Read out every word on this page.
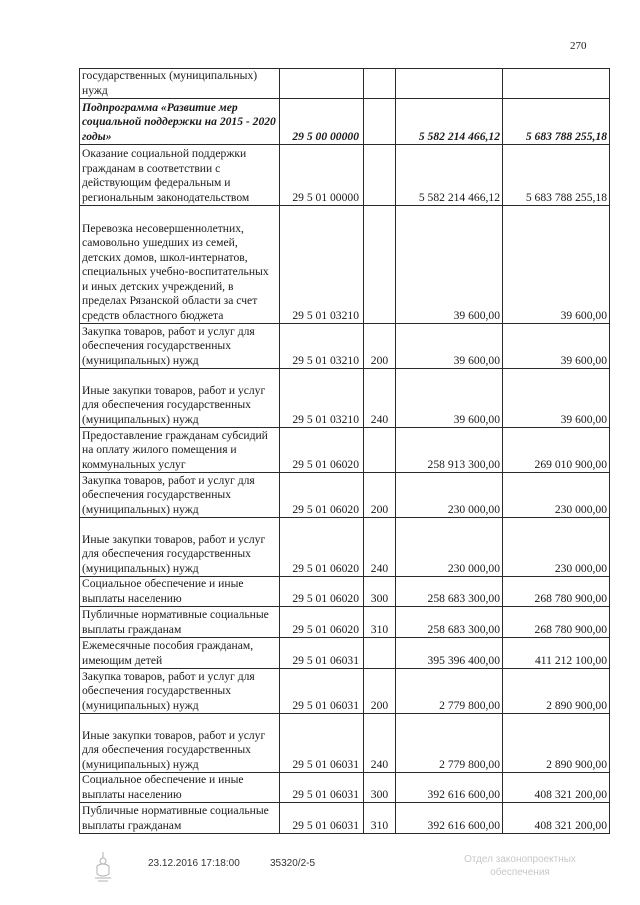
270
государственных (муниципальных) нужд				
Подпрограмма «Развитие мер социальной поддержки на 2015 - 2020 годы»	29 5 00 00000		5 582 214 466,12	5 683 788 255,18
Оказание социальной поддержки гражданам в соответствии с действующим федеральным и региональным законодательством	29 5 01 00000		5 582 214 466,12	5 683 788 255,18
Перевозка несовершеннолетних, самовольно ушедших из семей, детских домов, школ-интернатов, специальных учебно-воспитательных и иных детских учреждений, в пределах Рязанской области за счет средств областного бюджета	29 5 01 03210		39 600,00	39 600,00
Закупка товаров, работ и услуг для обеспечения государственных (муниципальных) нужд	29 5 01 03210	200	39 600,00	39 600,00
Иные закупки товаров, работ и услуг для обеспечения государственных (муниципальных) нужд	29 5 01 03210	240	39 600,00	39 600,00
Предоставление гражданам субсидий на оплату жилого помещения и коммунальных услуг	29 5 01 06020		258 913 300,00	269 010 900,00
Закупка товаров, работ и услуг для обеспечения государственных (муниципальных) нужд	29 5 01 06020	200	230 000,00	230 000,00
Иные закупки товаров, работ и услуг для обеспечения государственных (муниципальных) нужд	29 5 01 06020	240	230 000,00	230 000,00
Социальное обеспечение и иные выплаты населению	29 5 01 06020	300	258 683 300,00	268 780 900,00
Публичные нормативные социальные выплаты гражданам	29 5 01 06020	310	258 683 300,00	268 780 900,00
Ежемесячные пособия гражданам, имеющим детей	29 5 01 06031		395 396 400,00	411 212 100,00
Закупка товаров, работ и услуг для обеспечения государственных (муниципальных) нужд	29 5 01 06031	200	2 779 800,00	2 890 900,00
Иные закупки товаров, работ и услуг для обеспечения государственных (муниципальных) нужд	29 5 01 06031	240	2 779 800,00	2 890 900,00
Социальное обеспечение и иные выплаты населению	29 5 01 06031	300	392 616 600,00	408 321 200,00
Публичные нормативные социальные выплаты гражданам	29 5 01 06031	310	392 616 600,00	408 321 200,00
23.12.2016 17:18:00	35320/2-5	Отдел законопроектных
обеспечения
